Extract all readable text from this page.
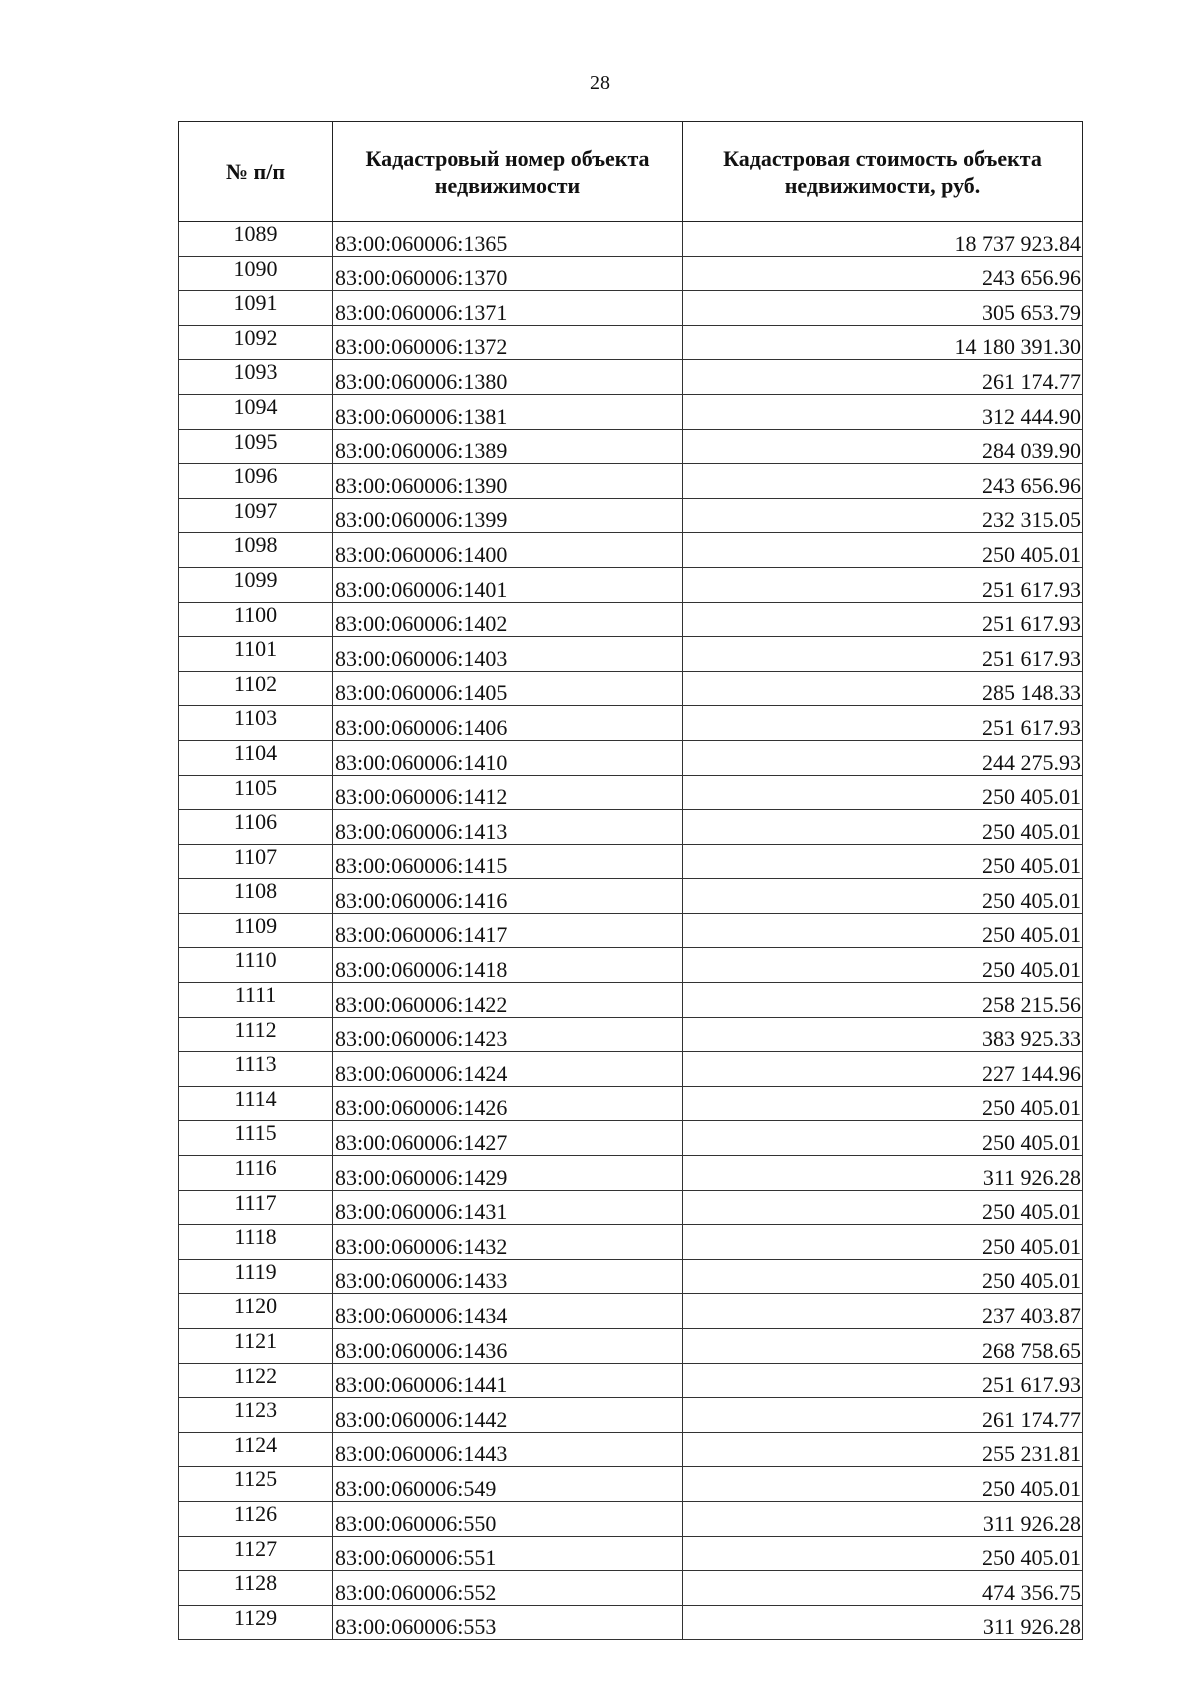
28
№ п/п	Кадастровый номер объекта недвижимости	Кадастровая стоимость объекта недвижимости, руб.
1089	83:00:060006:1365	18 737 923.84
1090	83:00:060006:1370	243 656.96
1091	83:00:060006:1371	305 653.79
1092	83:00:060006:1372	14 180 391.30
1093	83:00:060006:1380	261 174.77
1094	83:00:060006:1381	312 444.90
1095	83:00:060006:1389	284 039.90
1096	83:00:060006:1390	243 656.96
1097	83:00:060006:1399	232 315.05
1098	83:00:060006:1400	250 405.01
1099	83:00:060006:1401	251 617.93
1100	83:00:060006:1402	251 617.93
1101	83:00:060006:1403	251 617.93
1102	83:00:060006:1405	285 148.33
1103	83:00:060006:1406	251 617.93
1104	83:00:060006:1410	244 275.93
1105	83:00:060006:1412	250 405.01
1106	83:00:060006:1413	250 405.01
1107	83:00:060006:1415	250 405.01
1108	83:00:060006:1416	250 405.01
1109	83:00:060006:1417	250 405.01
1110	83:00:060006:1418	250 405.01
1111	83:00:060006:1422	258 215.56
1112	83:00:060006:1423	383 925.33
1113	83:00:060006:1424	227 144.96
1114	83:00:060006:1426	250 405.01
1115	83:00:060006:1427	250 405.01
1116	83:00:060006:1429	311 926.28
1117	83:00:060006:1431	250 405.01
1118	83:00:060006:1432	250 405.01
1119	83:00:060006:1433	250 405.01
1120	83:00:060006:1434	237 403.87
1121	83:00:060006:1436	268 758.65
1122	83:00:060006:1441	251 617.93
1123	83:00:060006:1442	261 174.77
1124	83:00:060006:1443	255 231.81
1125	83:00:060006:549	250 405.01
1126	83:00:060006:550	311 926.28
1127	83:00:060006:551	250 405.01
1128	83:00:060006:552	474 356.75
1129	83:00:060006:553	311 926.28
